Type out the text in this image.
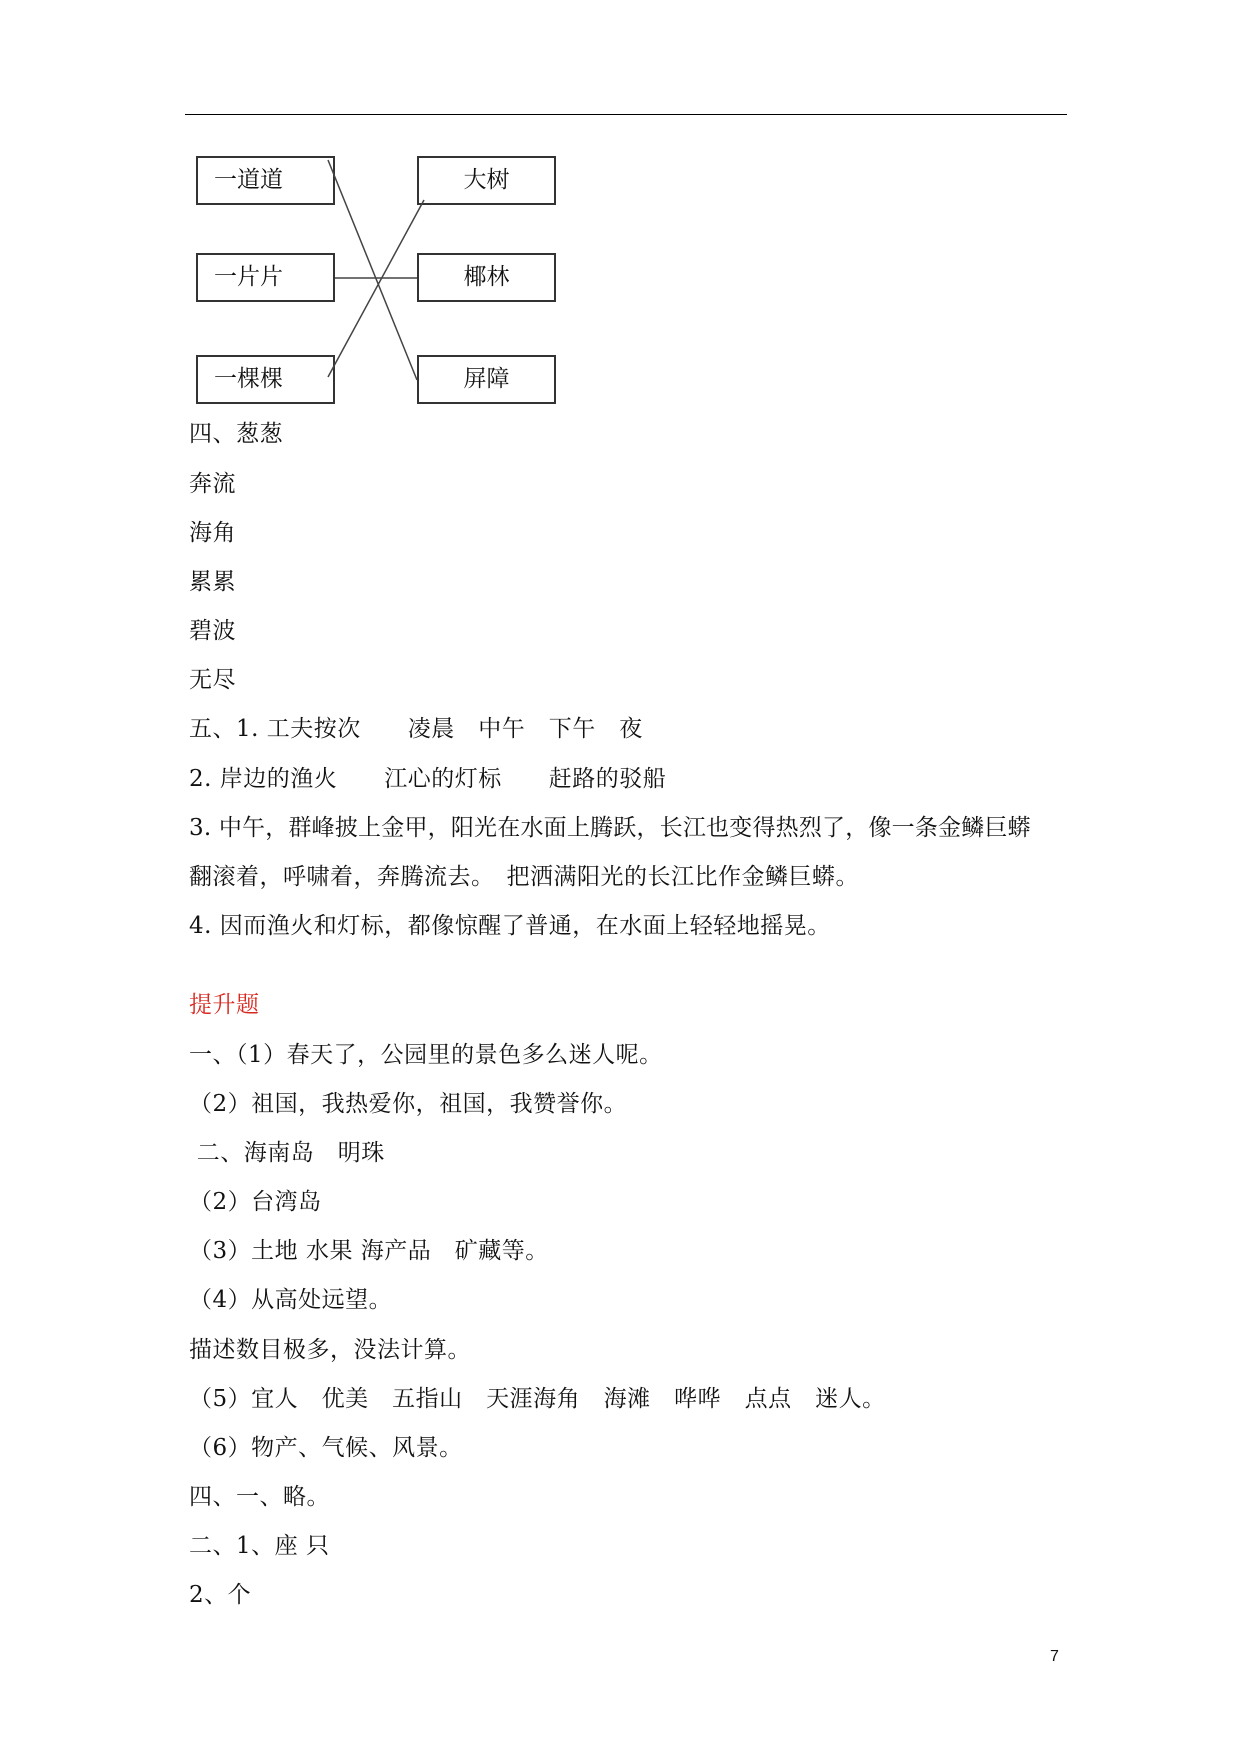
一道道
一片片
一棵棵
大树
椰林
屏障
四、葱葱
奔流
海角
累累
碧波
无尽
五、1. 工夫按次　　凌晨　中午　下午　夜
2. 岸边的渔火　　江心的灯标　　赶路的驳船
3. 中午，群峰披上金甲，阳光在水面上腾跃，长江也变得热烈了，像一条金鳞巨蟒
翻滚着，呼啸着，奔腾流去。　把洒满阳光的长江比作金鳞巨蟒。
4. 因而渔火和灯标，都像惊醒了普通，在水面上轻轻地摇晃。
提升题
一、（1）春天了，公园里的景色多么迷人呢。
（2）祖国，我热爱你，祖国，我赞誉你。
二、海南岛　明珠
（2）台湾岛
（3）土地 水果 海产品　矿藏等。
（4）从高处远望。
描述数目极多，没法计算。
（5）宜人　优美　五指山　天涯海角　海滩　哗哗　点点　迷人。
（6）物产、气候、风景。
四、一、略。
二、1、座 只
2、个
7
